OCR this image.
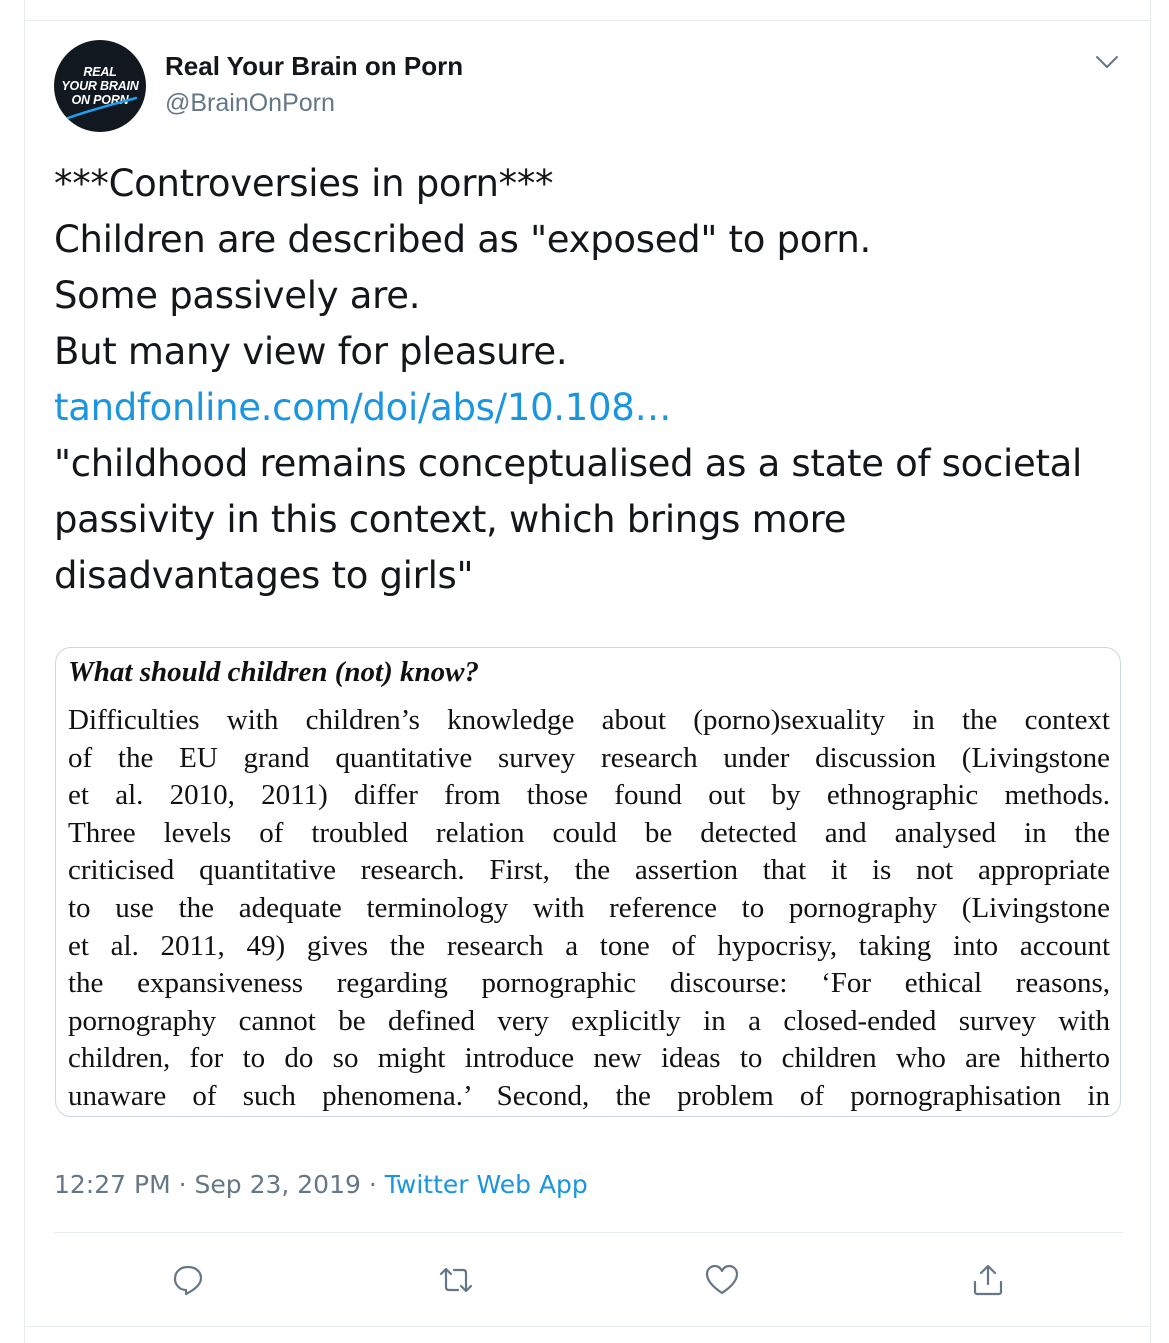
REAL
YOUR BRAIN
ON PORN
Real Your Brain on Porn
@BrainOnPorn
***Controversies in porn***
Children are described as "exposed" to porn.
Some passively are.
But many view for pleasure.
tandfonline.com/doi/abs/10.108…
"childhood remains conceptualised as a state of societal
passivity in this context, which brings more
disadvantages to girls"
What should children (not) know?
Difficulties with children’s knowledge about (porno)sexuality in the context
of the EU grand quantitative survey research under discussion (Livingstone
et al. 2010, 2011) differ from those found out by ethnographic methods.
Three levels of troubled relation could be detected and analysed in the
criticised quantitative research. First, the assertion that it is not appropriate
to use the adequate terminology with reference to pornography (Livingstone
et al. 2011, 49) gives the research a tone of hypocrisy, taking into account
the expansiveness regarding pornographic discourse: ‘For ethical reasons,
pornography cannot be defined very explicitly in a closed-ended survey with
children, for to do so might introduce new ideas to children who are hitherto
unaware of such phenomena.’ Second, the problem of pornographisation in
12:27 PM · Sep 23, 2019 · Twitter Web App
